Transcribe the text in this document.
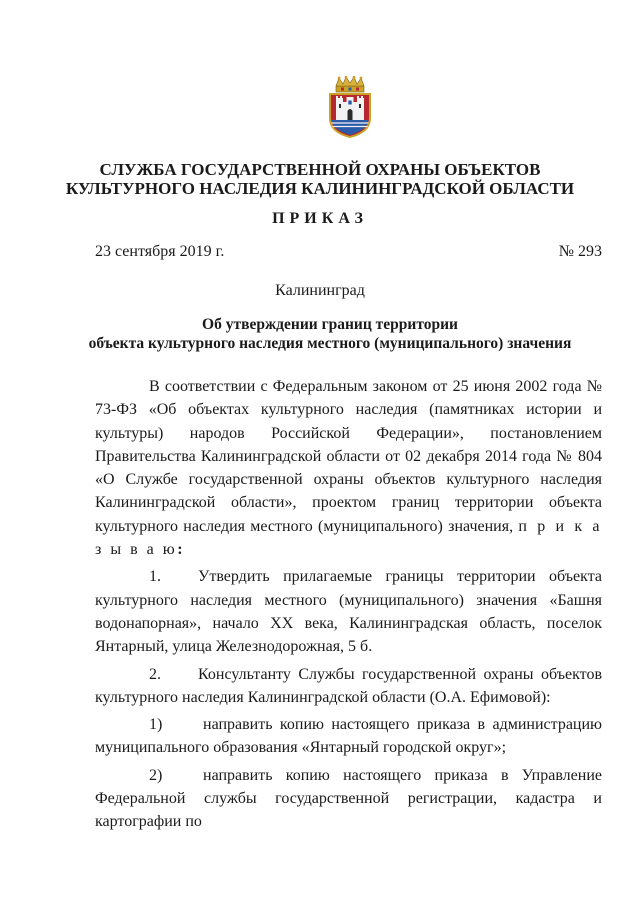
СЛУЖБА ГОСУДАРСТВЕННОЙ ОХРАНЫ ОБЪЕКТОВ
КУЛЬТУРНОГО НАСЛЕДИЯ КАЛИНИНГРАДСКОЙ ОБЛАСТИ
ПРИКАЗ
23 сентября 2019 г.	№ 293
Калининград
Об утверждении границ территории
объекта культурного наследия местного (муниципального) значения

В соответствии с Федеральным законом от 25 июня 2002 года № 73-ФЗ «Об объектах культурного наследия (памятниках истории и культуры) народов Российской Федерации», постановлением Правительства Калининградской области от 02 декабря 2014 года № 804 «О Службе государственной охраны объектов культурного наследия Калининградской области», проектом границ территории объекта культурного наследия местного (муниципального) значения, п р и к а з ы в а ю:

1. Утвердить прилагаемые границы территории объекта культурного наследия местного (муниципального) значения «Башня водонапорная», начало ХХ века, Калининградская область, поселок Янтарный, улица Железнодорожная, 5 б.

2. Консультанту Службы государственной охраны объектов культурного наследия Калининградской области (О.А. Ефимовой):

1)	направить копию настоящего приказа в администрацию муниципального образования «Янтарный городской округ»;

2)	направить копию настоящего приказа в Управление Федеральной службы государственной регистрации, кадастра и картографии по
